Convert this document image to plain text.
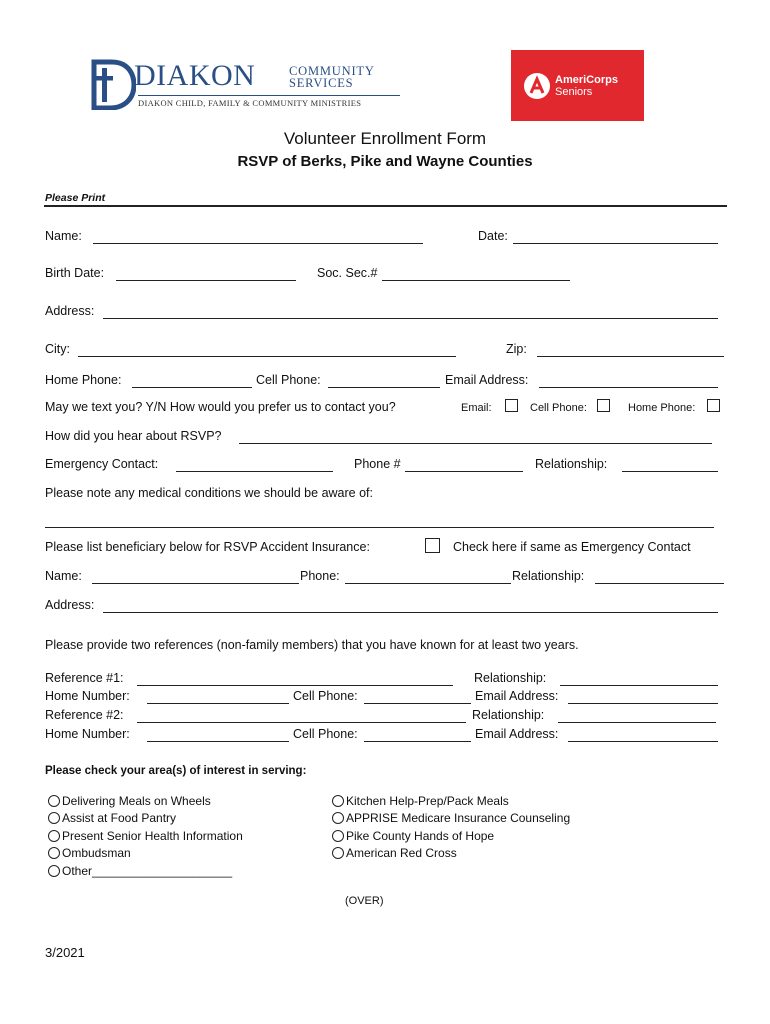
DIAKON	COMMUNITY
SERVICES
DIAKON CHILD, FAMILY & COMMUNITY MINISTRIES
AmeriCorps
Seniors
Volunteer Enrollment Form
RSVP of Berks, Pike and Wayne Counties
Please Print
Name:	Date:
Birth Date:	Soc. Sec.#
Address:
City:	Zip:
Home Phone:	Cell Phone:	Email Address:
May we text you? Y/N How would you prefer us to contact you?	Email:	Cell Phone:	Home Phone:
How did you hear about RSVP?
Emergency Contact:	Phone #	Relationship:
Please note any medical conditions we should be aware of:
Please list beneficiary below for RSVP Accident Insurance:	Check here if same as Emergency Contact
Name:	Phone:	Relationship:
Address:
Please provide two references (non-family members) that you have known for at least two years.
Reference #1:	Relationship:
Home Number:	Cell Phone:	Email Address:
Reference #2:	Relationship:
Home Number:	Cell Phone:	Email Address:
Please check your area(s) of interest in serving:
Delivering Meals on Wheels
Assist at Food Pantry
Present Senior Health Information
Ombudsman
Other_____________________
Kitchen Help-Prep/Pack Meals
APPRISE Medicare Insurance Counseling
Pike County Hands of Hope
American Red Cross
(OVER)
3/2021
